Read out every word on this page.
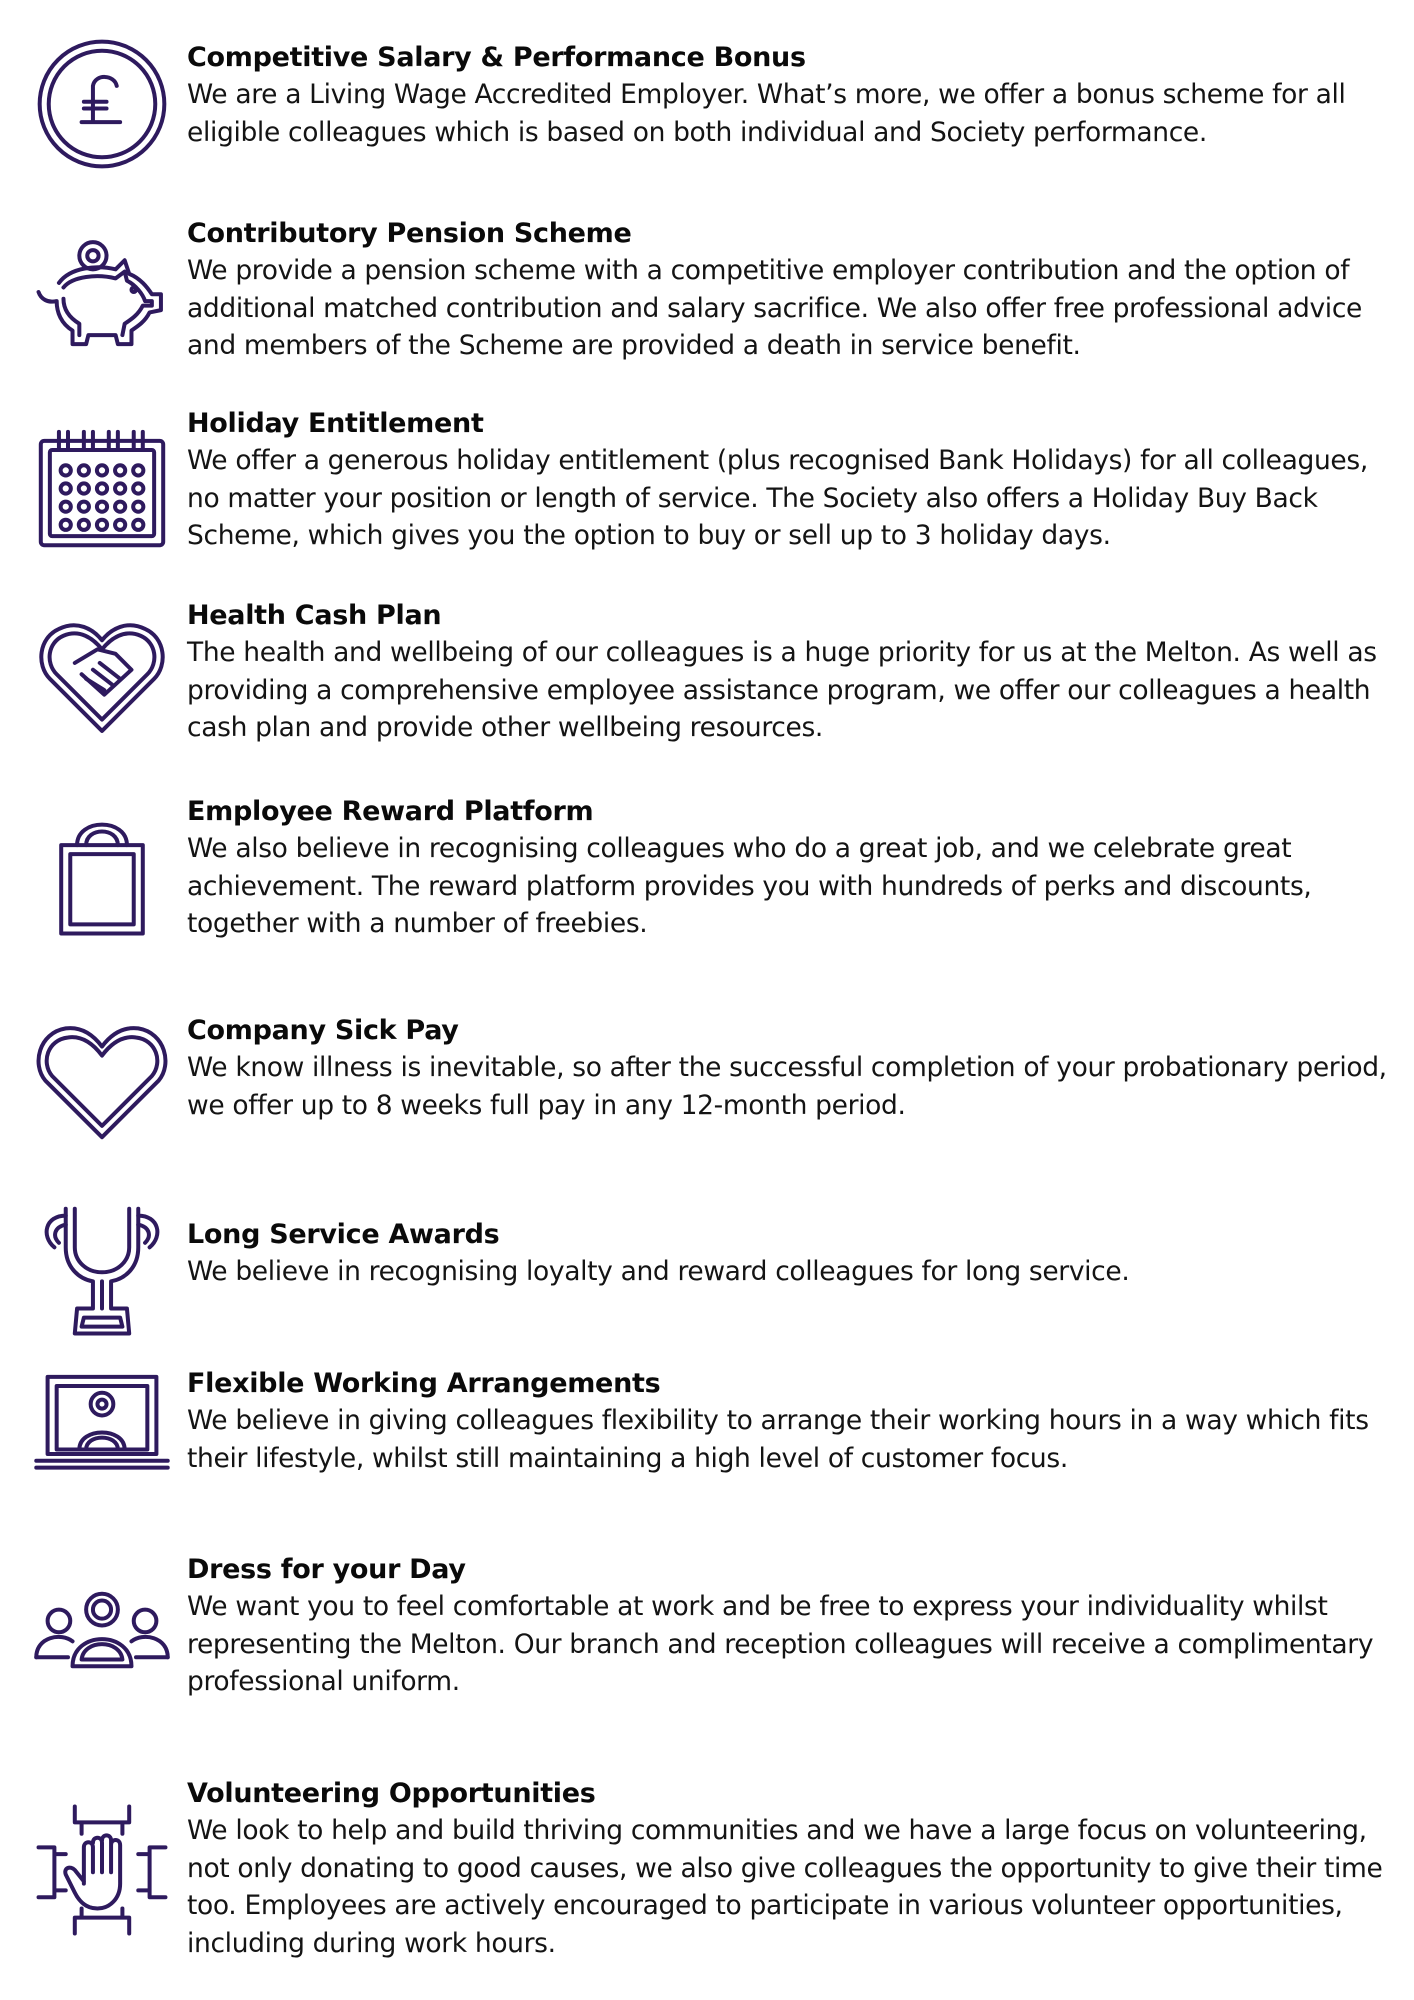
Competitive Salary & Performance Bonus

We are a Living Wage Accredited Employer. What’s more, we offer a bonus scheme for all eligible colleagues which is based on both individual and Society performance.

Contributory Pension Scheme

We provide a pension scheme with a competitive employer contribution and the option of additional matched contribution and salary sacrifice. We also offer free professional advice and members of the Scheme are provided a death in service benefit.

Holiday Entitlement

We offer a generous holiday entitlement (plus recognised Bank Holidays) for all colleagues, no matter your position or length of service. The Society also offers a Holiday Buy Back Scheme, which gives you the option to buy or sell up to 3 holiday days.

Health Cash Plan

The health and wellbeing of our colleagues is a huge priority for us at the Melton. As well as providing a comprehensive employee assistance program, we offer our colleagues a health cash plan and provide other wellbeing resources.

Employee Reward Platform

We also believe in recognising colleagues who do a great job, and we celebrate great achievement. The reward platform provides you with hundreds of perks and discounts, together with a number of freebies.

Company Sick Pay

We know illness is inevitable, so after the successful completion of your probationary period, we offer up to 8 weeks full pay in any 12-month period.

Long Service Awards

We believe in recognising loyalty and reward colleagues for long service.

Flexible Working Arrangements

We believe in giving colleagues flexibility to arrange their working hours in a way which fits their lifestyle, whilst still maintaining a high level of customer focus.

Dress for your Day

We want you to feel comfortable at work and be free to express your individuality whilst representing the Melton. Our branch and reception colleagues will receive a complimentary professional uniform.

Volunteering Opportunities

We look to help and build thriving communities and we have a large focus on volunteering, not only donating to good causes, we also give colleagues the opportunity to give their time too. Employees are actively encouraged to participate in various volunteer opportunities, including during work hours.
